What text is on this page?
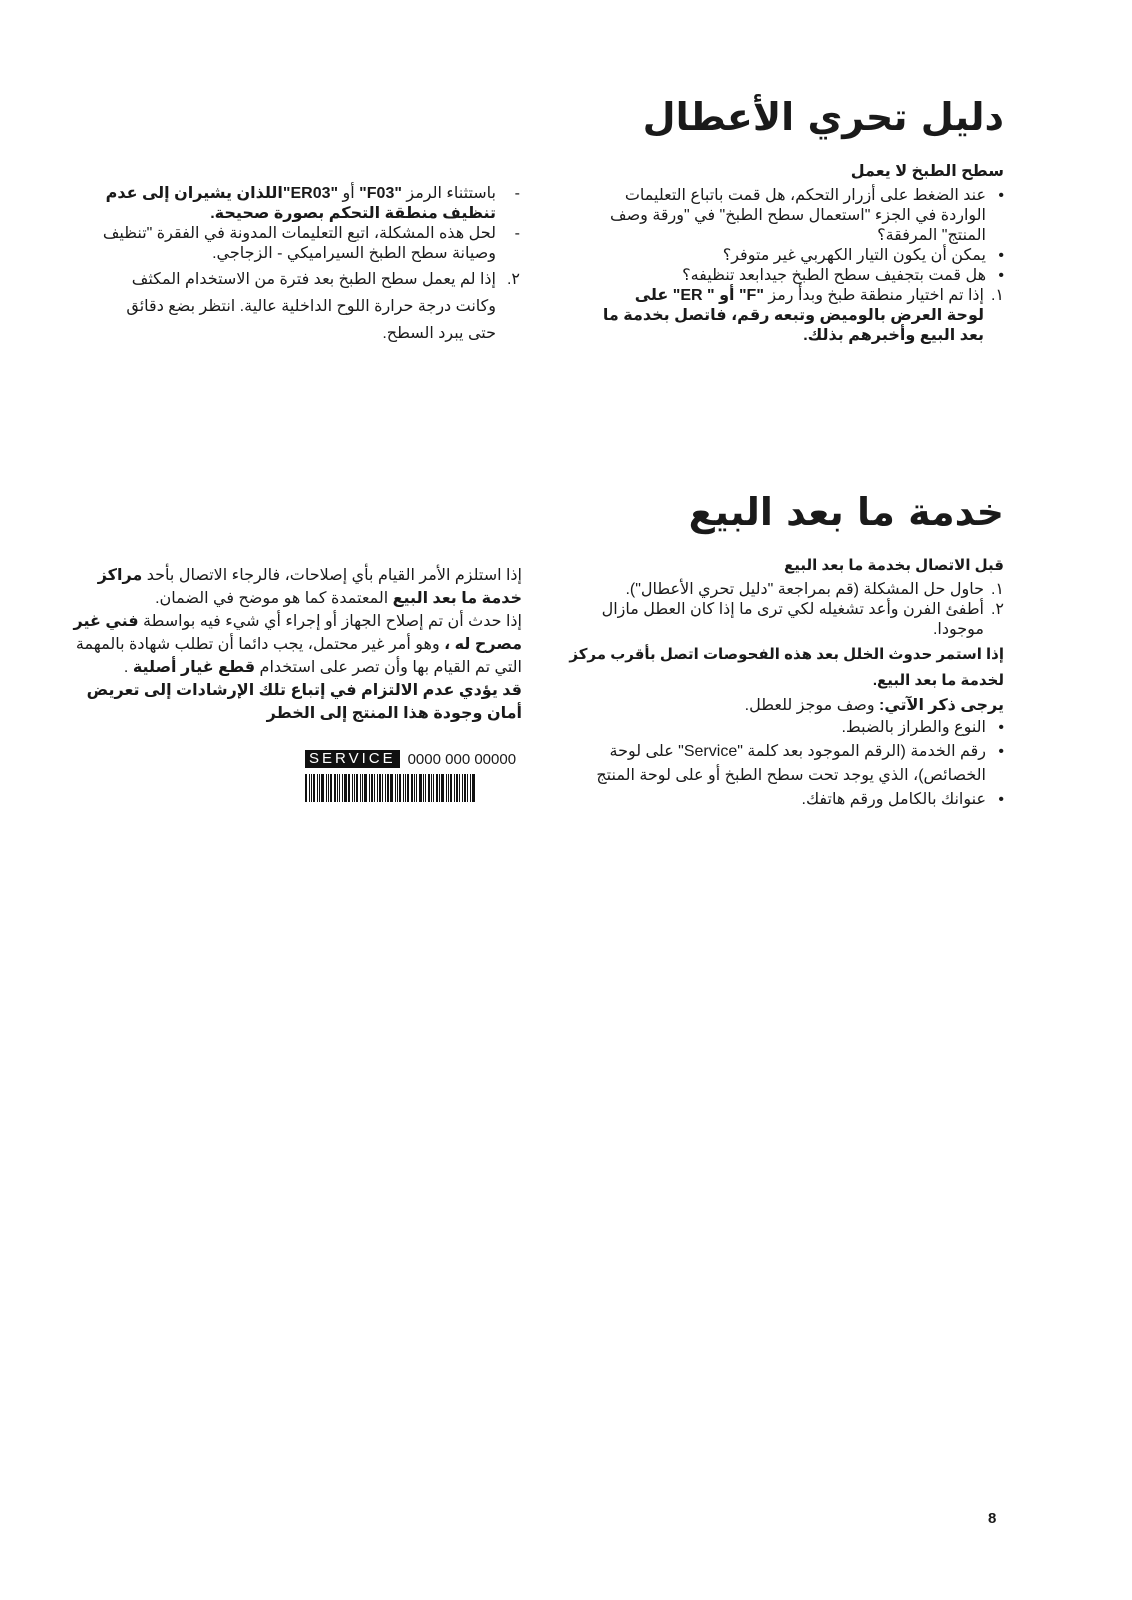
دليل تحري الأعطال
سطح الطبخ لا يعمل
• عند الضغط على أزرار التحكم، هل قمت باتباع التعليمات الواردة في الجزء "استعمال سطح الطبخ" في "ورقة وصف المنتج" المرفقة؟
• يمكن أن يكون التيار الكهربي غير متوفر؟
• هل قمت بتجفيف سطح الطبخ جيدابعد تنظيفه؟
١.
إذا تم اختيار منطقة طبخ وبدأ رمز "F" أو " ER" على لوحة العرض بالوميض وتبعه رقم، فاتصل بخدمة ما بعد البيع وأخبرهم بذلك.
-
باستثناء الرمز "F03" أو "ER03"اللذان يشيران إلى عدم تنظيف منطقة التحكم بصورة صحيحة.
-
لحل هذه المشكلة، اتبع التعليمات المدونة في الفقرة "تنظيف وصيانة سطح الطبخ السيراميكي - الزجاجي.
٢.
إذا لم يعمل سطح الطبخ بعد فترة من الاستخدام المكثف وكانت درجة حرارة اللوح الداخلية عالية. انتظر بضع دقائق حتى يبرد السطح.
خدمة ما بعد البيع
قبل الاتصال بخدمة ما بعد البيع
١.
حاول حل المشكلة (قم بمراجعة "دليل تحري الأعطال").
٢.
أطفئ الفرن وأعد تشغيله لكي ترى ما إذا كان العطل مازال موجودا.
إذا استمر حدوث الخلل بعد هذه الفحوصات اتصل بأقرب مركز لخدمة ما بعد البيع.
يرجى ذكر الآتي: وصف موجز للعطل.
• النوع والطراز بالضبط.
• رقم الخدمة (الرقم الموجود بعد كلمة "Service" على لوحة الخصائص)، الذي يوجد تحت سطح الطبخ أو على لوحة المنتج
• عنوانك بالكامل ورقم هاتفك.
إذا استلزم الأمر القيام بأي إصلاحات، فالرجاء الاتصال بأحد مراكز خدمة ما بعد البيع المعتمدة كما هو موضح في الضمان.
إذا حدث أن تم إصلاح الجهاز أو إجراء أي شيء فيه بواسطة فني غير مصرح له ، وهو أمر غير محتمل، يجب دائما أن تطلب شهادة بالمهمة التي تم القيام بها وأن تصر على استخدام قطع غيار أصلية .
قد يؤدي عدم الالتزام في إتباع تلك الإرشادات إلى تعريض أمان وجودة هذا المنتج إلى الخطر
SERVICE 0000 000 00000
8
